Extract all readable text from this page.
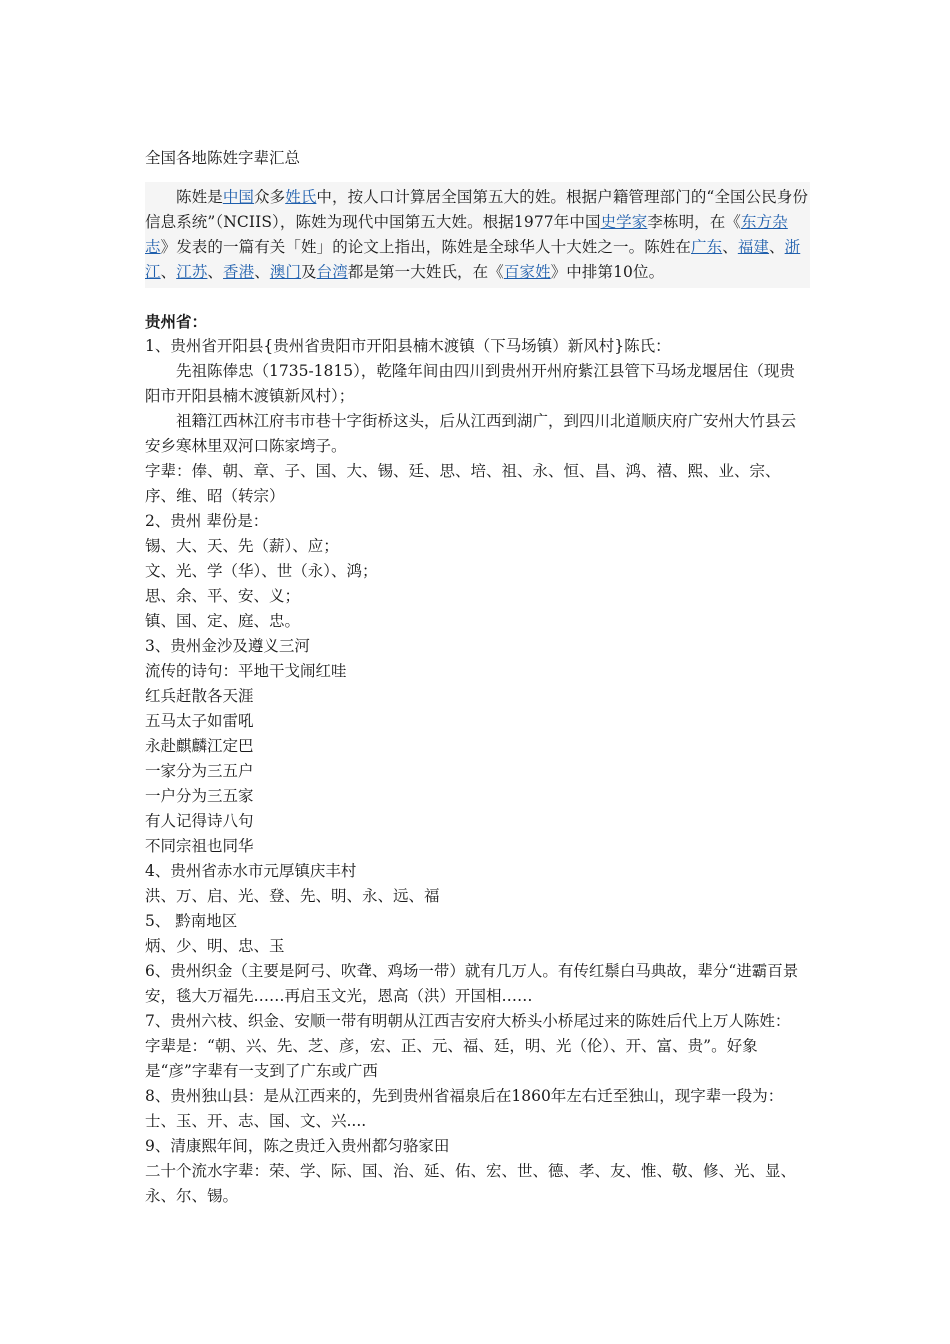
全国各地陈姓字辈汇总

陈姓是中国众多姓氏中，按人口计算居全国第五大的姓。根据户籍管理部门的“全国公民身份信息系统”（NCIIS），陈姓为现代中国第五大姓。根据1977年中国史学家李栋明，在《东方杂志》发表的一篇有关「姓」的论文上指出，陈姓是全球华人十大姓之一。陈姓在广东、福建、浙江、江苏、香港、澳门及台湾都是第一大姓氏，在《百家姓》中排第10位。

贵州省：

1、贵州省开阳县{贵州省贵阳市开阳县楠木渡镇（下马场镇）新风村}陈氏：

先祖陈俸忠（1735-1815），乾隆年间由四川到贵州开州府紫江县管下马场龙堰居住（现贵阳市开阳县楠木渡镇新风村）；

祖籍江西林江府韦市巷十字街桥这头，后从江西到湖广，到四川北道顺庆府广安州大竹县云安乡寒林里双河口陈家塆子。

字辈：俸、朝、章、子、国、大、锡、廷、思、培、祖、永、恒、昌、鸿、禧、熙、业、宗、序、维、昭（转宗）

2、贵州 辈份是：

锡、大、天、先（薪）、应；

文、光、学（华）、世（永）、鸿；

思、余、平、安、义；

镇、国、定、庭、忠。

3、贵州金沙及遵义三河

流传的诗句：平地干戈闹红哇

红兵赶散各天涯

五马太子如雷吼

永赴麒麟江定巴

一家分为三五户

一户分为三五家

有人记得诗八句

不同宗祖也同华

4、贵州省赤水市元厚镇庆丰村

洪、万、启、光、登、先、明、永、远、福

5、 黔南地区

炳、少、明、忠、玉

6、贵州织金（主要是阿弓、吹聋、鸡场一带）就有几万人。有传红鬃白马典故，辈分“进霸百景安，毯大万福先……再启玉文光，恩高（洪）开国相……

7、贵州六枝、织金、安顺一带有明朝从江西吉安府大桥头小桥尾过来的陈姓后代上万人陈姓：

字辈是：“朝、兴、先、芝、彦，宏、正、元、福、廷，明、光（伦）、开、富、贵”。好象是“彦”字辈有一支到了广东或广西

8、贵州独山县：是从江西来的，先到贵州省福泉后在1860年左右迁至独山，现字辈一段为：

士、玉、开、志、国、文、兴....

9、清康熙年间，陈之贵迁入贵州都匀骆家田

二十个流水字辈：荣、学、际、国、治、延、佑、宏、世、德、孝、友、惟、敬、修、光、显、永、尔、锡。
